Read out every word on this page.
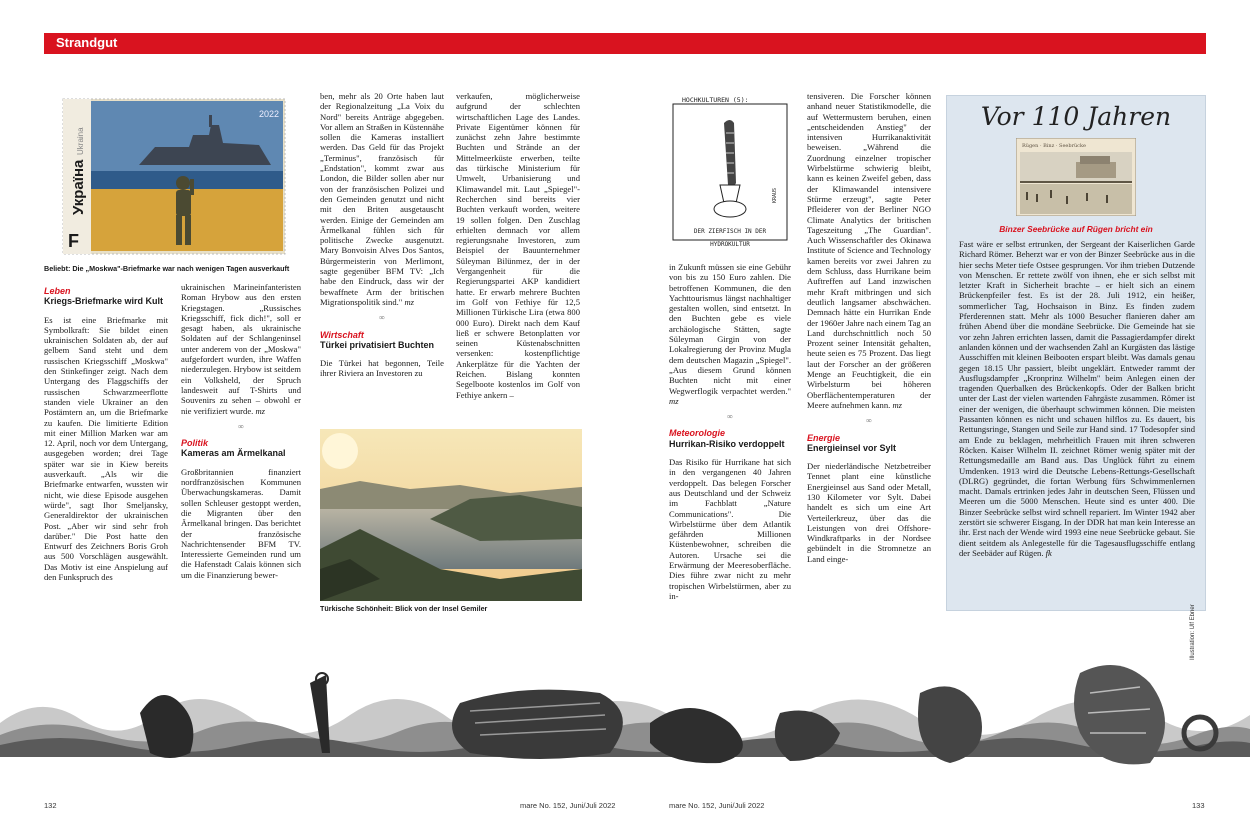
Strandgut
2022
Україна
Ukraina
F
Beliebt: Die „Moskwa"-Briefmarke war nach wenigen Tagen ausverkauft
Leben
Kriegs-Briefmarke wird Kult

Es ist eine Briefmarke mit Symbolkraft: Sie bildet einen ukrainischen Soldaten ab, der auf gelbem Sand steht und dem russischen Kriegsschiff „Moskwa" den Stinkefinger zeigt. Nach dem Untergang des Flaggschiffs der russischen Schwarzmeerflotte standen viele Ukrainer an den Postämtern an, um die Briefmarke zu kaufen. Die limitierte Edition mit einer Million Marken war am 12. April, noch vor dem Untergang, ausgegeben worden; drei Tage später war sie in Kiew bereits ausverkauft. „Als wir die Briefmarke entwarfen, wussten wir nicht, wie diese Episode ausgehen würde", sagt Ihor Smeljansky, Generaldirektor der ukrainischen Post. „Aber wir sind sehr froh darüber." Die Post hatte den Entwurf des Zeichners Boris Groh aus 500 Vorschlägen ausgewählt. Das Motiv ist eine Anspielung auf den Funkspruch des

ukrainischen Marineinfanteristen Roman Hrybow aus den ersten Kriegstagen. „Russisches Kriegsschiff, fick dich!", soll er gesagt haben, als ukrainische Soldaten auf der Schlangeninsel unter anderem von der „Moskwa" aufgefordert wurden, ihre Waffen niederzulegen. Hrybow ist seitdem ein Volksheld, der Spruch landesweit auf T-Shirts und Souvenirs zu sehen – obwohl er nie verifiziert wurde. mz

∞
Politik
Kameras am Ärmelkanal

Großbritannien finanziert nordfranzösischen Kommunen Überwachungskameras. Damit sollen Schleuser gestoppt werden, die Migranten über den Ärmelkanal bringen. Das berichtet der französische Nachrichtensender BFM TV. Interessierte Gemeinden rund um die Hafenstadt Calais können sich um die Finanzierung bewer-

ben, mehr als 20 Orte haben laut der Regionalzeitung „La Voix du Nord" bereits Anträge abgegeben. Vor allem an Straßen in Küstennähe sollen die Kameras installiert werden. Das Geld für das Projekt „Terminus", französisch für „Endstation", kommt zwar aus London, die Bilder sollen aber nur von der französischen Polizei und den Gemeinden genutzt und nicht mit den Briten ausgetauscht werden. Einige der Gemeinden am Ärmelkanal fühlen sich für politische Zwecke ausgenutzt. Mary Bonvoisin Alves Dos Santos, Bürgermeisterin von Merlimont, sagte gegenüber BFM TV: „Ich habe den Eindruck, dass wir der bewaffnete Arm der britischen Migrationspolitik sind." mz

∞
Wirtschaft
Türkei privatisiert Buchten

Die Türkei hat begonnen, Teile ihrer Riviera an Investoren zu

verkaufen, möglicherweise aufgrund der schlechten wirtschaftlichen Lage des Landes. Private Eigentümer können für zunächst zehn Jahre bestimmte Buchten und Strände an der Mittelmeerküste erwerben, teilte das türkische Ministerium für Umwelt, Urbanisierung und Klimawandel mit. Laut „Spiegel"-Recherchen sind bereits vier Buchten verkauft worden, weitere 19 sollen folgen. Den Zuschlag erhielten demnach vor allem regierungsnahe Investoren, zum Beispiel der Bauunternehmer Süleyman Bilünmez, der in der Vergangenheit für die Regierungspartei AKP kandidiert hatte. Er erwarb mehrere Buchten im Golf von Fethiye für 12,5 Millionen Türkische Lira (etwa 800 000 Euro). Direkt nach dem Kauf ließ er schwere Betonplatten vor seinen Küstenabschnitten versenken: kostenpflichtige Ankerplätze für die Yachten der Reichen. Bislang konnten Segelboote kostenlos im Golf von Fethiye ankern –

Türkische Schönheit: Blick von der Insel Gemiler
HOCHKULTUREN (5):
KRAUS
DER ZIERFISCH IN DER
HYDROKULTUR

in Zukunft müssen sie eine Gebühr von bis zu 150 Euro zahlen. Die betroffenen Kommunen, die den Yachttourismus längst nachhaltiger gestalten wollen, sind entsetzt. In den Buchten gebe es viele archäologische Stätten, sagte Süleyman Girgin von der Lokalregierung der Provinz Mugla dem deutschen Magazin „Spiegel". „Aus diesem Grund können Buchten nicht mit einer Wegwerflogik verpachtet werden." mz

∞
Meteorologie
Hurrikan-Risiko verdoppelt

Das Risiko für Hurrikane hat sich in den vergangenen 40 Jahren verdoppelt. Das belegen Forscher aus Deutschland und der Schweiz im Fachblatt „Nature Communications". Die Wirbelstürme über dem Atlantik gefährden Millionen Küstenbewohner, schreiben die Autoren. Ursache sei die Erwärmung der Meeresoberfläche. Dies führe zwar nicht zu mehr tropischen Wirbelstürmen, aber zu in-

tensiveren. Die Forscher können anhand neuer Statistikmodelle, die auf Wettermustern beruhen, einen „entscheidenden Anstieg" der intensiven Hurrikanaktivität beweisen. „Während die Zuordnung einzelner tropischer Wirbelstürme schwierig bleibt, kann es keinen Zweifel geben, dass der Klimawandel intensivere Stürme erzeugt", sagte Peter Pfleiderer von der Berliner NGO Climate Analytics der britischen Tageszeitung „The Guardian". Auch Wissenschaftler des Okinawa Institute of Science and Technology kamen bereits vor zwei Jahren zu dem Schluss, dass Hurrikane beim Auftreffen auf Land inzwischen mehr Kraft mitbringen und sich deutlich langsamer abschwächen. Demnach hätte ein Hurrikan Ende der 1960er Jahre nach einem Tag an Land durchschnittlich noch 50 Prozent seiner Intensität gehalten, heute seien es 75 Prozent. Das liegt laut der Forscher an der größeren Menge an Feuchtigkeit, die ein Wirbelsturm bei höheren Oberflächentemperaturen der Meere aufnehmen kann. mz

∞
Energie
Energieinsel vor Sylt

Der niederländische Netzbetreiber Tennet plant eine künstliche Energieinsel aus Sand oder Metall, 130 Kilometer vor Sylt. Dabei handelt es sich um eine Art Verteilerkreuz, über das die Leistungen von drei Offshore-Windkraftparks in der Nordsee gebündelt in die Stromnetze an Land einge-

Vor 110 Jahren
Rügen · Binz · Seebrücke
Binzer Seebrücke auf Rügen bricht ein
Fast wäre er selbst ertrunken, der Sergeant der Kaiserlichen Garde Richard Römer. Beherzt war er von der Binzer Seebrücke aus in die hier sechs Meter tiefe Ostsee gesprungen. Vor ihm trieben Dutzende von Menschen. Er rettete zwölf von ihnen, ehe er sich selbst mit letzter Kraft in Sicherheit brachte – er hielt sich an einem Brückenpfeiler fest. Es ist der 28. Juli 1912, ein heißer, sommerlicher Tag, Hochsaison in Binz. Es finden zudem Pferderennen statt. Mehr als 1000 Besucher flanieren daher am frühen Abend über die mondäne Seebrücke. Die Gemeinde hat sie vor zehn Jahren errichten lassen, damit die Passagierdampfer direkt anlanden können und der wachsenden Zahl an Kurgästen das lästige Ausschiffen mit kleinen Beibooten erspart bleibt. Was damals genau gegen 18.15 Uhr passiert, bleibt ungeklärt. Entweder rammt der Ausflugsdampfer „Kronprinz Wilhelm" beim Anlegen einen der tragenden Querbalken des Brückenkopfs. Oder der Balken bricht unter der Last der vielen wartenden Fahrgäste zusammen. Römer ist einer der wenigen, die überhaupt schwimmen können. Die meisten Passanten können es nicht und schauen hilflos zu. Es dauert, bis Rettungsringe, Stangen und Seile zur Hand sind. 17 Todesopfer sind am Ende zu beklagen, mehrheitlich Frauen mit ihren schweren Röcken. Kaiser Wilhelm II. zeichnet Römer wenig später mit der Rettungsmedaille am Band aus. Das Unglück führt zu einem Umdenken. 1913 wird die Deutsche Lebens-Rettungs-Gesellschaft (DLRG) gegründet, die fortan Werbung fürs Schwimmenlernen macht. Damals ertrinken jedes Jahr in deutschen Seen, Flüssen und Meeren um die 5000 Menschen. Heute sind es unter 400. Die Binzer Seebrücke selbst wird schnell repariert. Im Winter 1942 aber zerstört sie schwerer Eisgang. In der DDR hat man kein Interesse an ihr. Erst nach der Wende wird 1993 eine neue Seebrücke gebaut. Sie dient seitdem als Anlegestelle für die Tagesausflugsschiffe entlang der Seebäder auf Rügen. fk
Illustration: Ulf Ebner
132	mare No. 152, Juni/Juli 2022	mare No. 152, Juni/Juli 2022	133
